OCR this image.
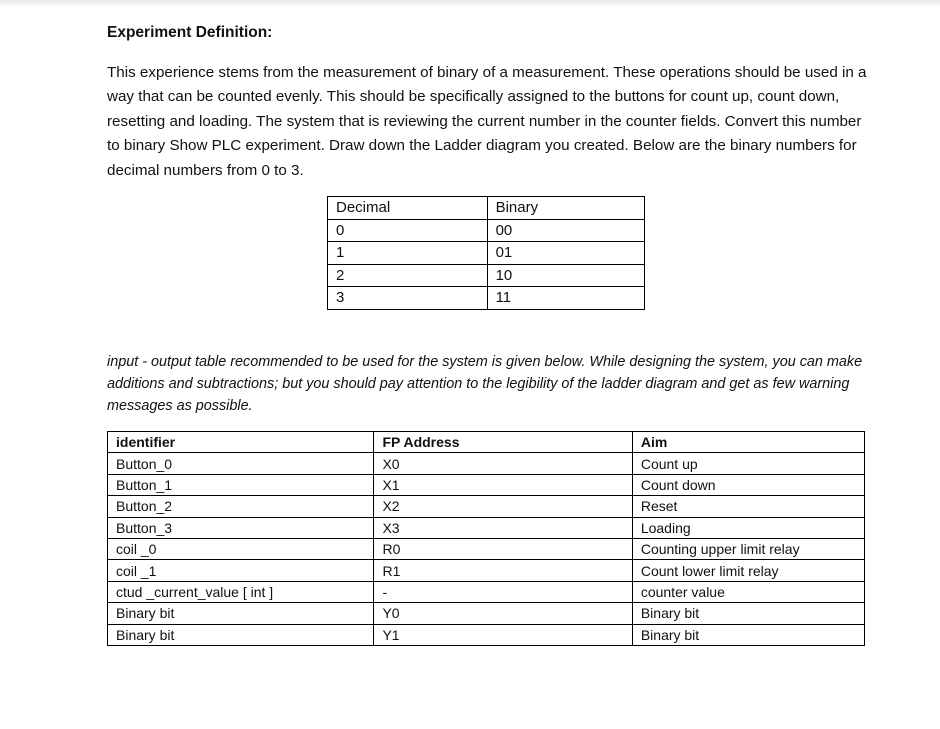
Experiment Definition:

This experience stems from the measurement of binary of a measurement. These operations should be used in a way that can be counted evenly. This should be specifically assigned to the buttons for count up, count down, resetting and loading. The system that is reviewing the current number in the counter fields. Convert this number to binary Show PLC experiment. Draw down the Ladder diagram you created. Below are the binary numbers for decimal numbers from 0 to 3.

Decimal	Binary
0	00
1	01
2	10
3	11

input - output table recommended to be used for the system is given below. While designing the system, you can make additions and subtractions; but you should pay attention to the legibility of the ladder diagram and get as few warning messages as possible.

identifier	FP Address	Aim
Button_0	X0	Count up
Button_1	X1	Count down
Button_2	X2	Reset
Button_3	X3	Loading
coil _0	R0	Counting upper limit relay
coil _1	R1	Count lower limit relay
ctud _current_value [ int ]	-	counter value
Binary bit	Y0	Binary bit
Binary bit	Y1	Binary bit
